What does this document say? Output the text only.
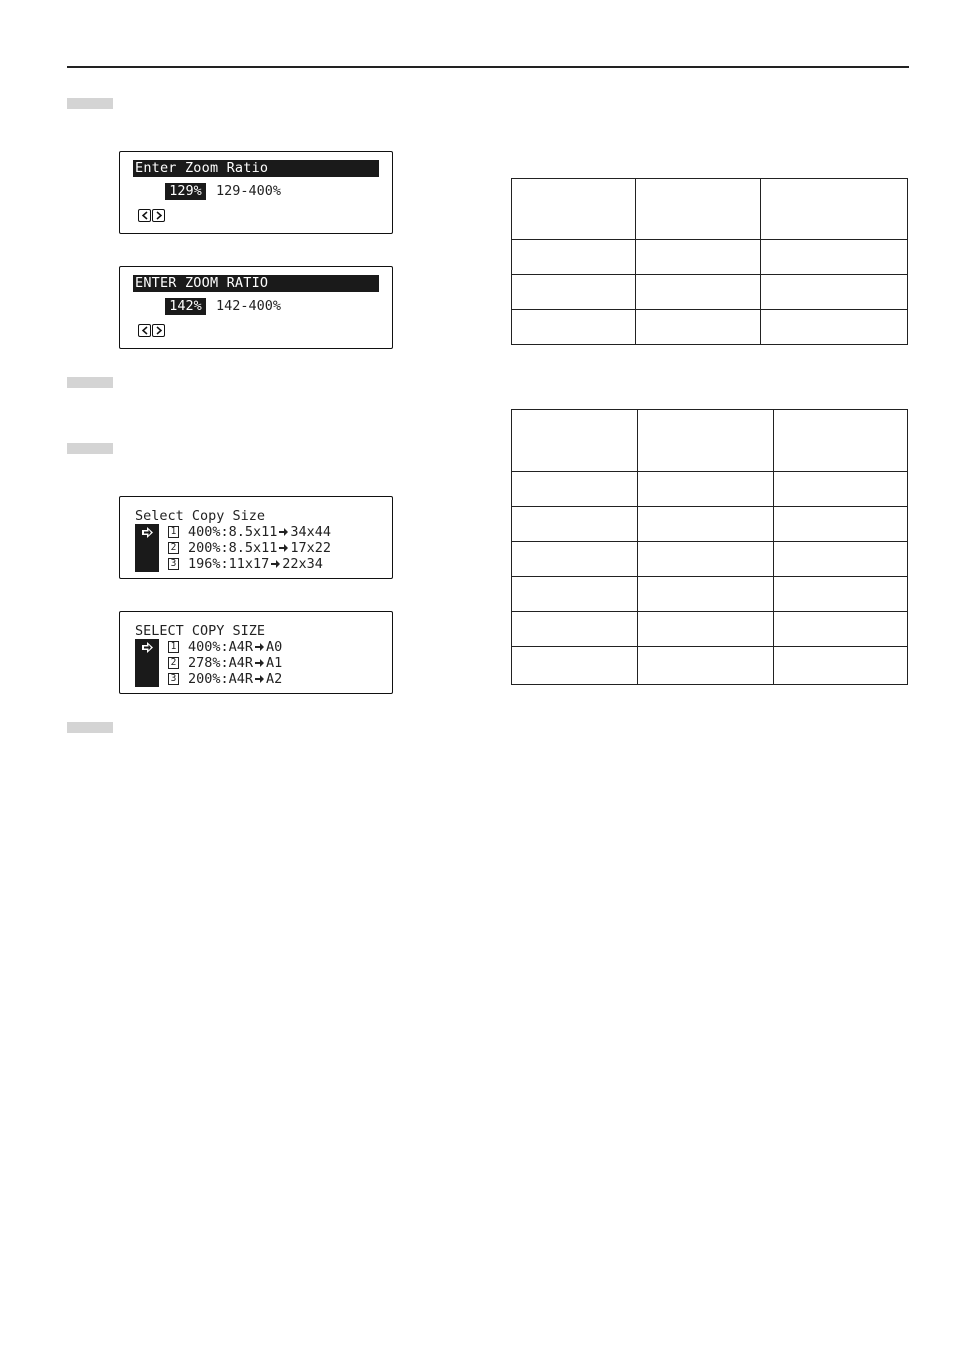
Enter Zoom Ratio
129%	129-400%
ENTER ZOOM RATIO
142%	142-400%
Select Copy Size
1 400%:8.5x11 34x44
2 200%:8.5x11 17x22
3 196%:11x17 22x34
SELECT COPY SIZE
1 400%:A4R A0
2 278%:A4R A1
3 200%:A4R A2
